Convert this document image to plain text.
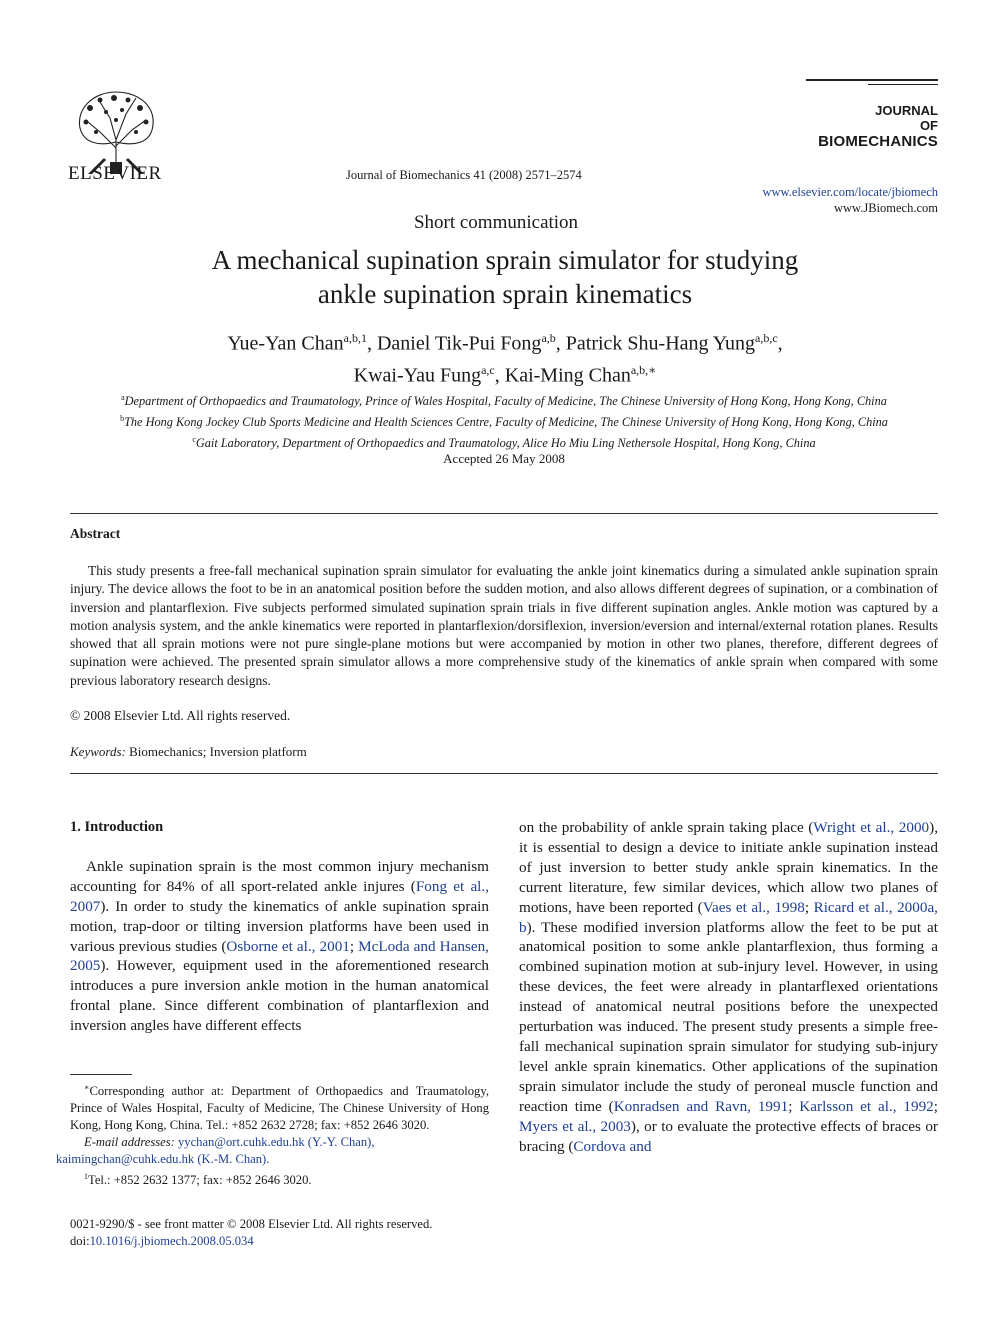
ELSEVIER	Journal of Biomechanics 41 (2008) 2571–2574
JOURNAL
OF
BIOMECHANICS
www.elsevier.com/locate/jbiomech
www.JBiomech.com
Short communication
A mechanical supination sprain simulator for studying
ankle supination sprain kinematics
Yue-Yan Chan$^{a,b,1}$, Daniel Tik-Pui Fong$^{a,b}$, Patrick Shu-Hang Yung$^{a,b,c}$,
Kwai-Yau Fung$^{a,c}$, Kai-Ming Chan$^{a,b,∗}$
$^a$Department of Orthopaedics and Traumatology, Prince of Wales Hospital, Faculty of Medicine, The Chinese University of Hong Kong, Hong Kong, China
$^b$The Hong Kong Jockey Club Sports Medicine and Health Sciences Centre, Faculty of Medicine, The Chinese University of Hong Kong, Hong Kong, China
$^c$Gait Laboratory, Department of Orthopaedics and Traumatology, Alice Ho Miu Ling Nethersole Hospital, Hong Kong, China
Accepted 26 May 2008
Abstract
This study presents a free-fall mechanical supination sprain simulator for evaluating the ankle joint kinematics during a simulated ankle supination sprain injury. The device allows the foot to be in an anatomical position before the sudden motion, and also allows different degrees of supination, or a combination of inversion and plantarflexion. Five subjects performed simulated supination sprain trials in five different supination angles. Ankle motion was captured by a motion analysis system, and the ankle kinematics were reported in plantarflexion/dorsiflexion, inversion/eversion and internal/external rotation planes. Results showed that all sprain motions were not pure single-plane motions but were accompanied by motion in other two planes, therefore, different degrees of supination were achieved. The presented sprain simulator allows a more comprehensive study of the kinematics of ankle sprain when compared with some previous laboratory research designs.
© 2008 Elsevier Ltd. All rights reserved.
Keywords: Biomechanics; Inversion platform
1. Introduction

Ankle supination sprain is the most common injury mechanism accounting for 84% of all sport-related ankle injures (Fong et al., 2007). In order to study the kinematics of ankle supination sprain motion, trap-door or tilting inversion platforms have been used in various previous studies (Osborne et al., 2001; McLoda and Hansen, 2005). However, equipment used in the aforementioned research introduces a pure inversion ankle motion in the human anatomical frontal plane. Since different combination of plantarflexion and inversion angles have different effects

on the probability of ankle sprain taking place (Wright et al., 2000), it is essential to design a device to initiate ankle supination instead of just inversion to better study ankle sprain kinematics. In the current literature, few similar devices, which allow two planes of motions, have been reported (Vaes et al., 1998; Ricard et al., 2000a, b). These modified inversion platforms allow the feet to be put at anatomical position to some ankle plantarflexion, thus forming a combined supination motion at sub-injury level. However, in using these devices, the feet were already in plantarflexed orientations instead of anatomical neutral positions before the unexpected perturbation was induced. The present study presents a simple free-fall mechanical supination sprain simulator for studying sub-injury level ankle sprain kinematics. Other applications of the supination sprain simulator include the study of peroneal muscle function and reaction time (Konradsen and Ravn, 1991; Karlsson et al., 1992; Myers et al., 2003), or to evaluate the protective effects of braces or bracing (Cordova and

∗Corresponding author at: Department of Orthopaedics and Traumatology, Prince of Wales Hospital, Faculty of Medicine, The Chinese University of Hong Kong, Hong Kong, China. Tel.: +852 2632 2728; fax: +852 2646 3020.

E-mail addresses: yychan@ort.cuhk.edu.hk (Y.-Y. Chan),
kaimingchan@cuhk.edu.hk (K.-M. Chan).

$^1$Tel.: +852 2632 1377; fax: +852 2646 3020.

0021-9290/$ - see front matter © 2008 Elsevier Ltd. All rights reserved.
doi:10.1016/j.jbiomech.2008.05.034
